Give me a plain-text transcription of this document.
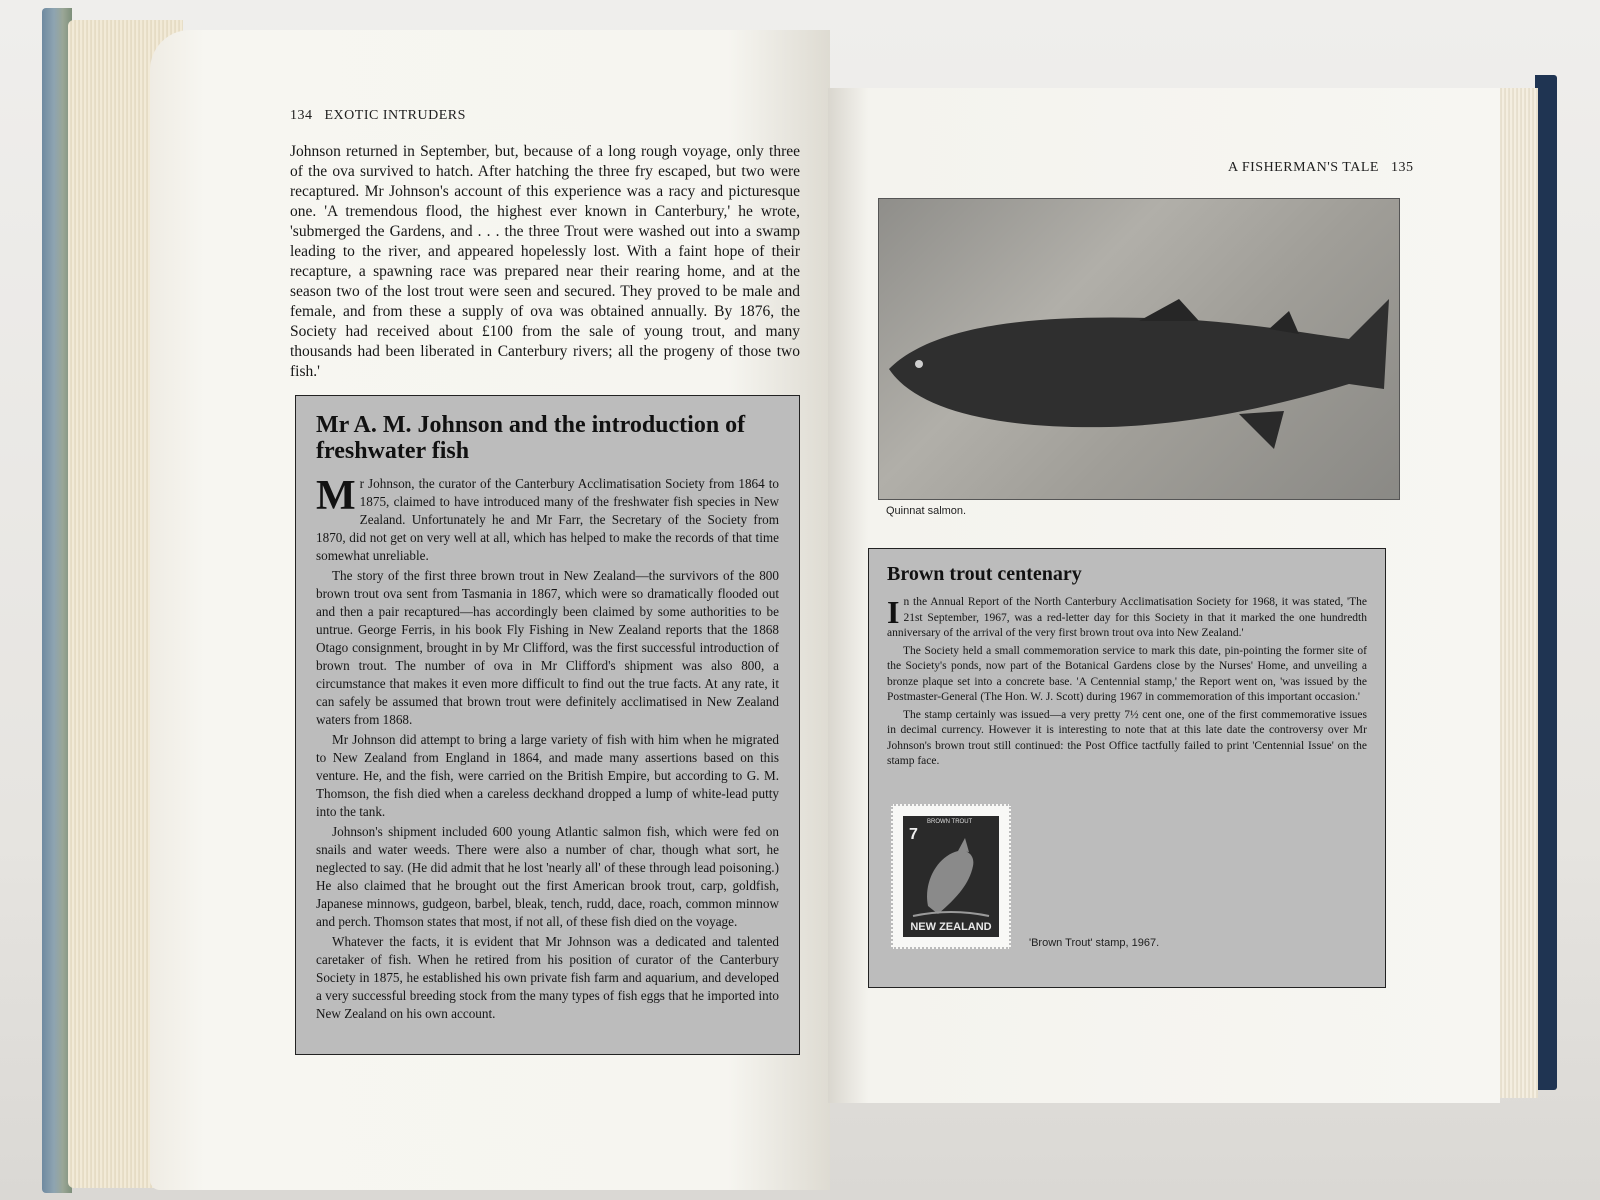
134 EXOTIC INTRUDERS

Johnson returned in September, but, because of a long rough voyage, only three of the ova survived to hatch. After hatching the three fry escaped, but two were recaptured. Mr Johnson's account of this experience was a racy and picturesque one. 'A tremendous flood, the highest ever known in Canterbury,' he wrote, 'submerged the Gardens, and . . . the three Trout were washed out into a swamp leading to the river, and appeared hopelessly lost. With a faint hope of their recapture, a spawning race was prepared near their rearing home, and at the season two of the lost trout were seen and secured. They proved to be male and female, and from these a supply of ova was obtained annually. By 1876, the Society had received about £100 from the sale of young trout, and many thousands had been liberated in Canterbury rivers; all the progeny of those two fish.'

Mr A. M. Johnson and the introduction of freshwater fish

Mr Johnson, the curator of the Canterbury Acclimatisation Society from 1864 to 1875, claimed to have introduced many of the freshwater fish species in New Zealand. Unfortunately he and Mr Farr, the Secretary of the Society from 1870, did not get on very well at all, which has helped to make the records of that time somewhat unreliable.

The story of the first three brown trout in New Zealand—the survivors of the 800 brown trout ova sent from Tasmania in 1867, which were so dramatically flooded out and then a pair recaptured—has accordingly been claimed by some authorities to be untrue. George Ferris, in his book Fly Fishing in New Zealand reports that the 1868 Otago consignment, brought in by Mr Clifford, was the first successful introduction of brown trout. The number of ova in Mr Clifford's shipment was also 800, a circumstance that makes it even more difficult to find out the true facts. At any rate, it can safely be assumed that brown trout were definitely acclimatised in New Zealand waters from 1868.

Mr Johnson did attempt to bring a large variety of fish with him when he migrated to New Zealand from England in 1864, and made many assertions based on this venture. He, and the fish, were carried on the British Empire, but according to G. M. Thomson, the fish died when a careless deckhand dropped a lump of white-lead putty into the tank.

Johnson's shipment included 600 young Atlantic salmon fish, which were fed on snails and water weeds. There were also a number of char, though what sort, he neglected to say. (He did admit that he lost 'nearly all' of these through lead poisoning.) He also claimed that he brought out the first American brook trout, carp, goldfish, Japanese minnows, gudgeon, barbel, bleak, tench, rudd, dace, roach, common minnow and perch. Thomson states that most, if not all, of these fish died on the voyage.

Whatever the facts, it is evident that Mr Johnson was a dedicated and talented caretaker of fish. When he retired from his position of curator of the Canterbury Society in 1875, he established his own private fish farm and aquarium, and developed a very successful breeding stock from the many types of fish eggs that he imported into New Zealand on his own account.

A FISHERMAN'S TALE 135
Quinnat salmon.
Brown trout centenary

In the Annual Report of the North Canterbury Acclimatisation Society for 1968, it was stated, 'The 21st September, 1967, was a red-letter day for this Society in that it marked the one hundredth anniversary of the arrival of the very first brown trout ova into New Zealand.'

The Society held a small commemoration service to mark this date, pin-pointing the former site of the Society's ponds, now part of the Botanical Gardens close by the Nurses' Home, and unveiling a bronze plaque set into a concrete base. 'A Centennial stamp,' the Report went on, 'was issued by the Postmaster-General (The Hon. W. J. Scott) during 1967 in commemoration of this important occasion.'

The stamp certainly was issued—a very pretty 7½ cent one, one of the first commemorative issues in decimal currency. However it is interesting to note that at this late date the controversy over Mr Johnson's brown trout still continued: the Post Office tactfully failed to print 'Centennial Issue' on the stamp face.

7
BROWN TROUT
NEW ZEALAND
'Brown Trout' stamp, 1967.
